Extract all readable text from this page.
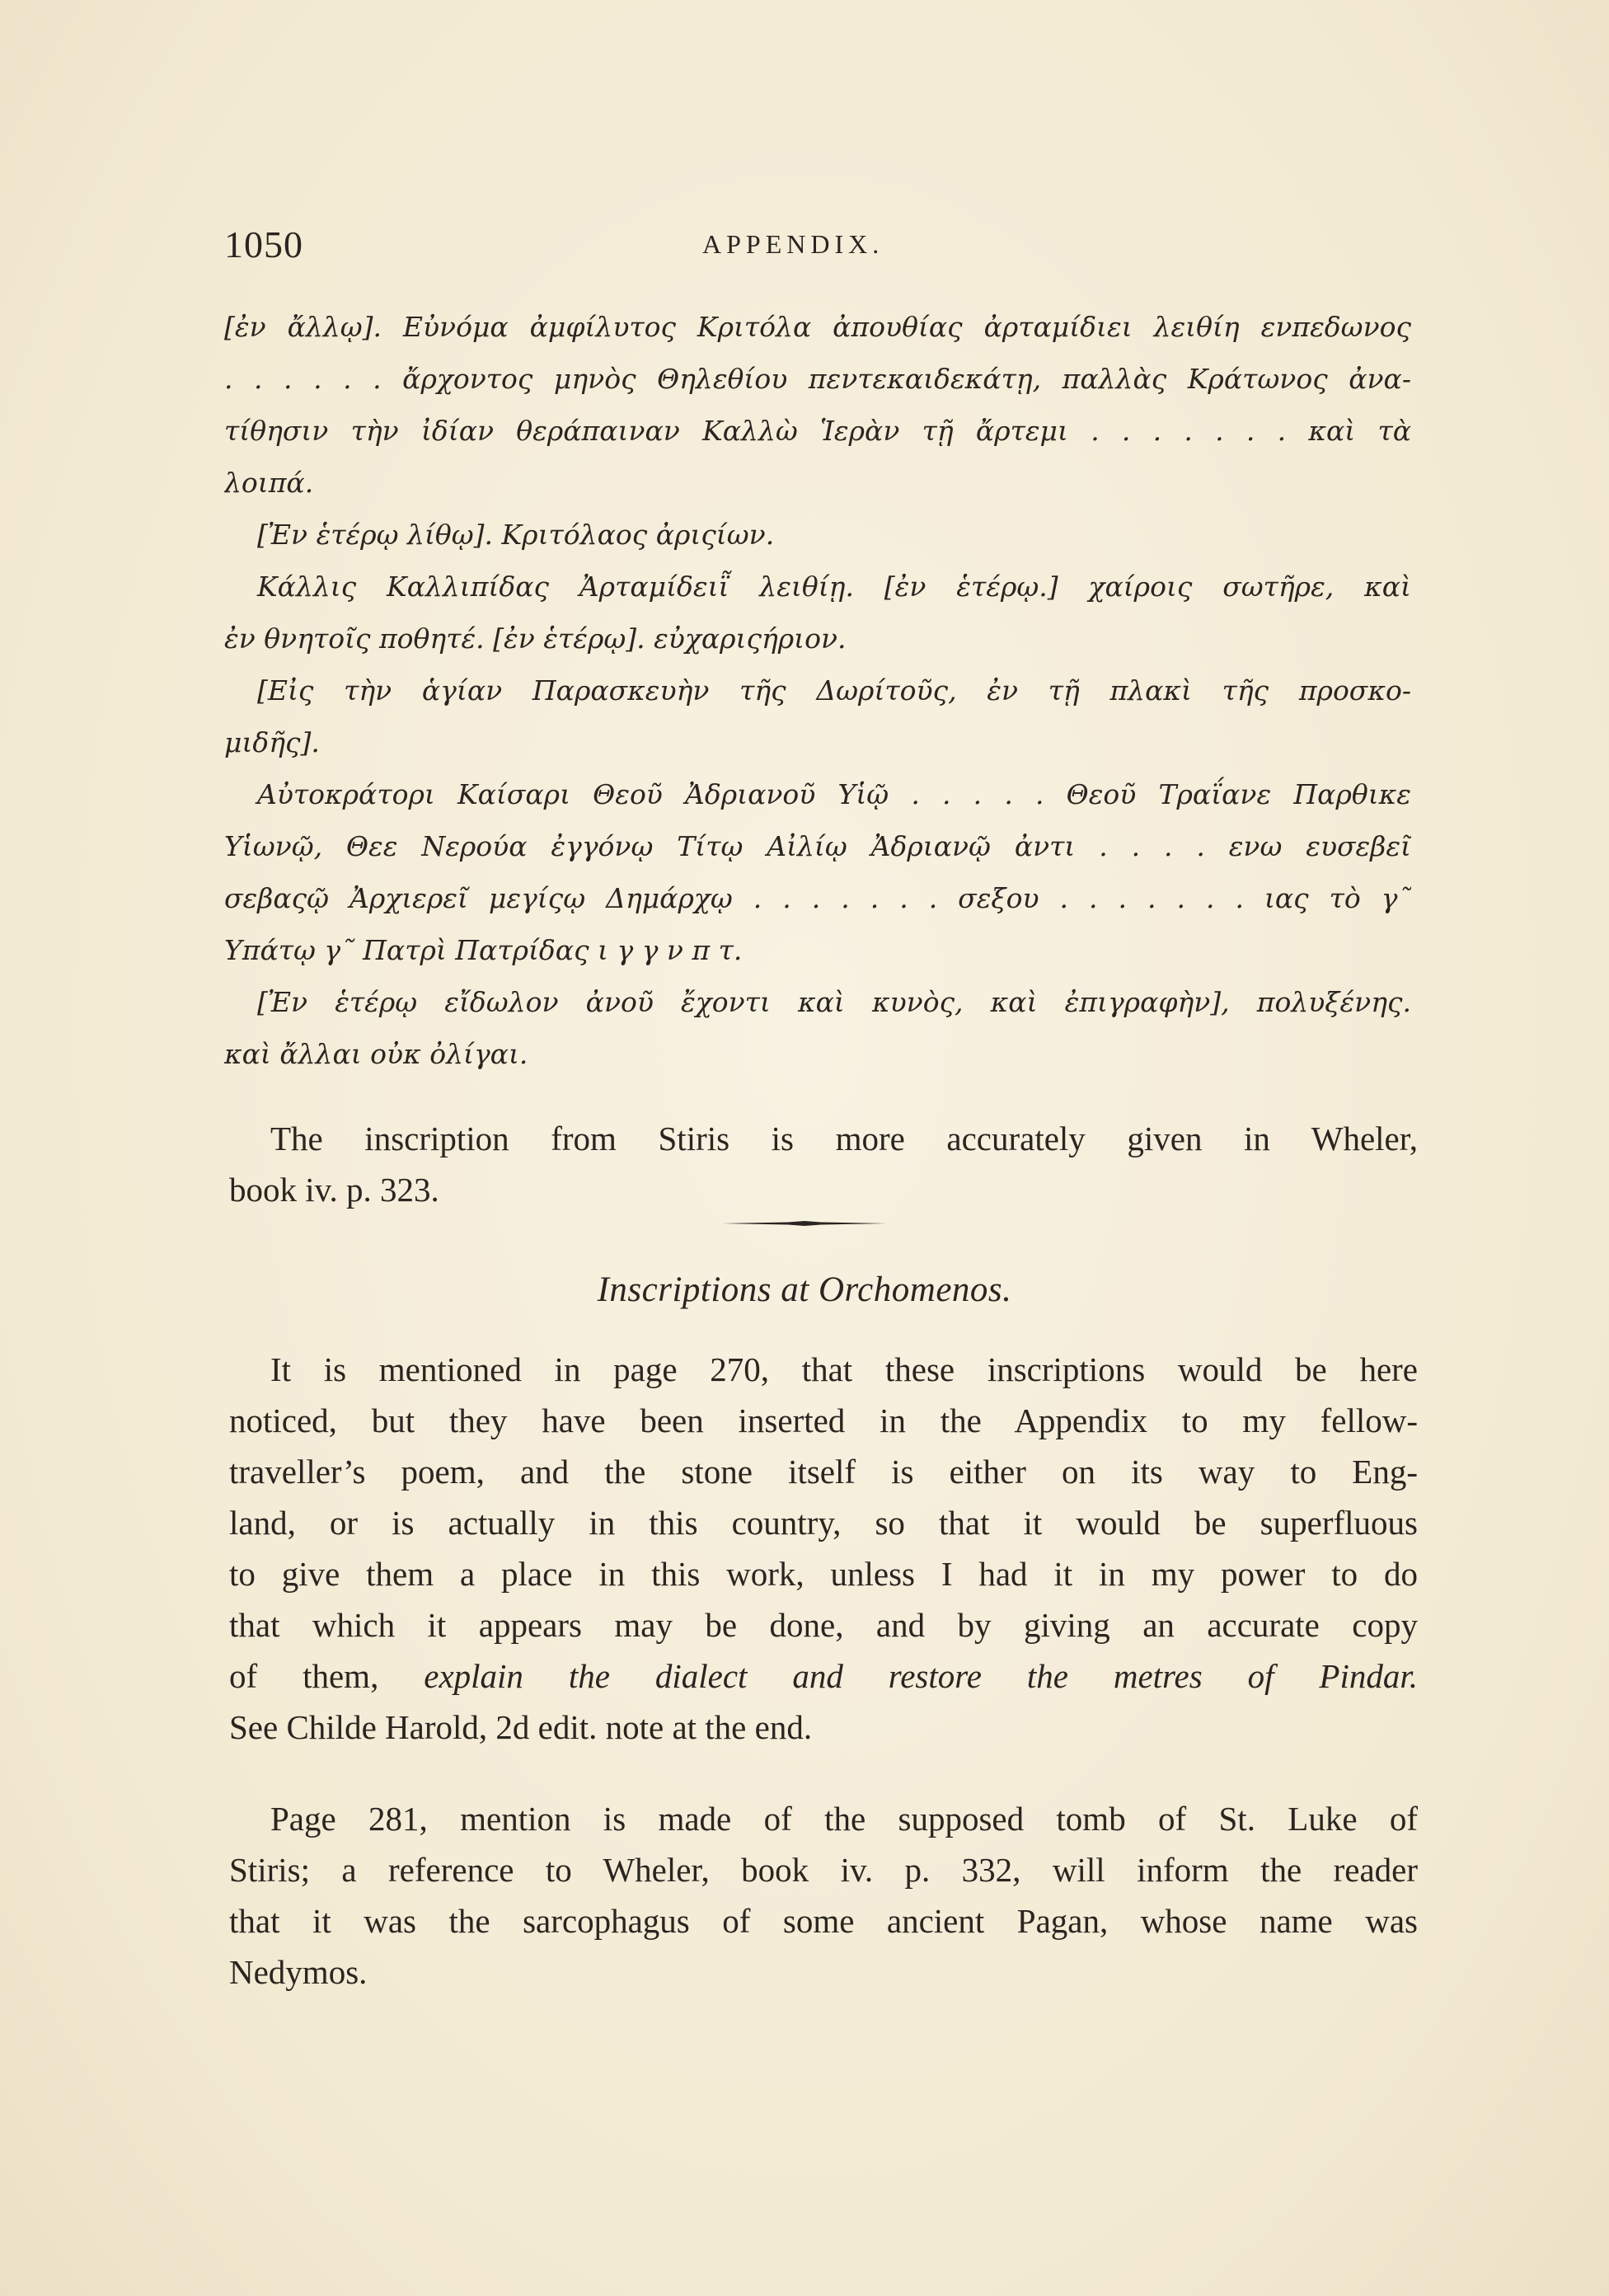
1050	APPENDIX.
[ἐν ἄλλῳ]. Εὐνόμα ἀμφίλυτος Κριτόλα ἀπουθίας ἀρταμίδιει λειθίη ενπεδωνος
. . . . . . ἄρχοντος μηνὸς Θηλεθίου πεντεκαιδεκάτῃ, παλλὰς Κράτωνος ἀνα-
τίθησιν τὴν ἰδίαν θεράπαιναν Καλλὼ Ἱερὰν τῇ ἄρτεμι . . . . . . . καὶ τὰ
λοιπά.
[Ἐν ἑτέρῳ λίθῳ]. Κριτόλαος ἀριςίων.
Κάλλις Καλλιπίδας Ἀρταμίδειῗ λειθίῃ. [ἐν ἑτέρῳ.] χαίροις σωτῆρε, καὶ
ἐν θνητοῖς ποθητέ. [ἐν ἑτέρῳ]. εὐχαριςήριον.
[Εἰς τὴν ἁγίαν Παρασκευὴν τῆς Δωρίτοῦς, ἐν τῇ πλακὶ τῆς προσκο-
μιδῆς].
Αὐτοκράτορι Καίσαρι Θεοῦ Ἀδριανοῦ Υἱῷ . . . . . Θεοῦ Τραΐανε Παρθικε
Υἱωνῷ, Θεε Νερούα ἐγγόνῳ Τίτῳ Αἰλίῳ Ἀδριανῷ ἀντι . . . . ενω ευσεβεῖ
σεβαςῷ Ἀρχιερεῖ μεγίςῳ Δημάρχῳ . . . . . . . σεξου . . . . . . . ιας τὸ γ˜
Υπάτῳ γ˜ Πατρὶ Πατρίδας ι γ γ ν π τ.
[Ἐν ἑτέρῳ εἴδωλον ἀνοῦ ἔχοντι καὶ κυνὸς, καὶ ἐπιγραφὴν], πολυξένης.
καὶ ἄλλαι οὐκ ὀλίγαι.
The inscription from Stiris is more accurately given in Wheler,
book iv. p. 323.
Inscriptions at Orchomenos.
It is mentioned in page 270, that these inscriptions would be here
noticed, but they have been inserted in the Appendix to my fellow-
traveller’s poem, and the stone itself is either on its way to Eng-
land, or is actually in this country, so that it would be superfluous
to give them a place in this work, unless I had it in my power to do
that which it appears may be done, and by giving an accurate copy
of them, explain the dialect and restore the metres of Pindar.
See Childe Harold, 2d edit. note at the end.
Page 281, mention is made of the supposed tomb of St. Luke of
Stiris; a reference to Wheler, book iv. p. 332, will inform the reader
that it was the sarcophagus of some ancient Pagan, whose name was
Nedymos.
